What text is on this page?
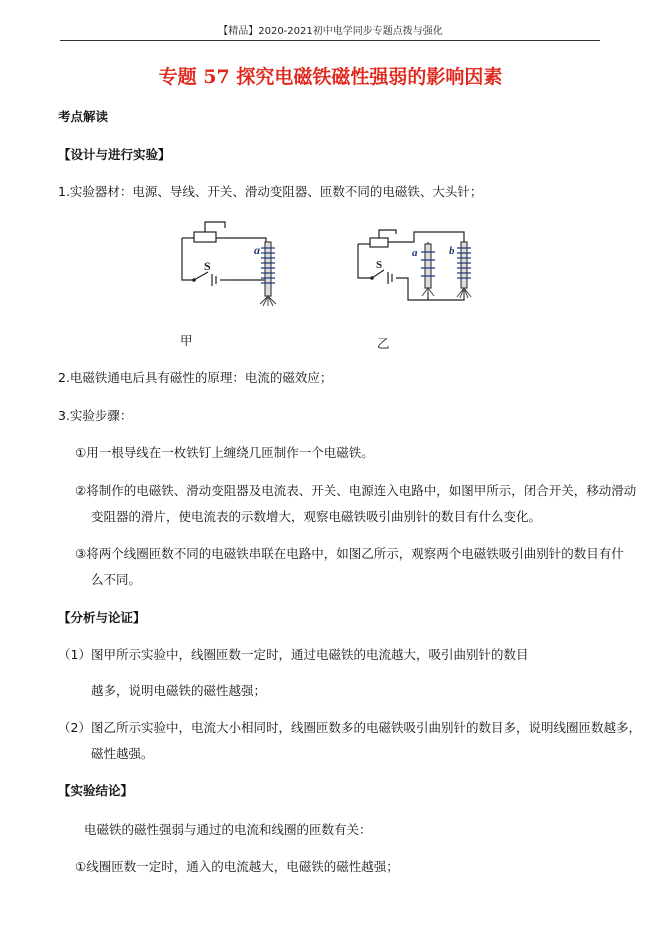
【精品】2020-2021初中电学同步专题点拨与强化
专题 57 探究电磁铁磁性强弱的影响因素
考点解读
【设计与进行实验】
1.实验器材：电源、导线、开关、滑动变阻器、匝数不同的电磁铁、大头针；
a
S
a	b
S
甲	乙
2.电磁铁通电后具有磁性的原理：电流的磁效应；
3.实验步骤：
①用一根导线在一枚铁钉上缠绕几匝制作一个电磁铁。
②将制作的电磁铁、滑动变阻器及电流表、开关、电源连入电路中，如图甲所示，闭合开关，移动滑动
变阻器的滑片，使电流表的示数增大，观察电磁铁吸引曲别针的数目有什么变化。
③将两个线圈匝数不同的电磁铁串联在电路中，如图乙所示，观察两个电磁铁吸引曲别针的数目有什
么不同。
【分析与论证】
（1）图甲所示实验中，线圈匝数一定时，通过电磁铁的电流越大，吸引曲别针的数目
越多，说明电磁铁的磁性越强；
（2）图乙所示实验中，电流大小相同时，线圈匝数多的电磁铁吸引曲别针的数目多，说明线圈匝数越多，
磁性越强。
【实验结论】
电磁铁的磁性强弱与通过的电流和线圈的匝数有关：
①线圈匝数一定时，通入的电流越大，电磁铁的磁性越强；
